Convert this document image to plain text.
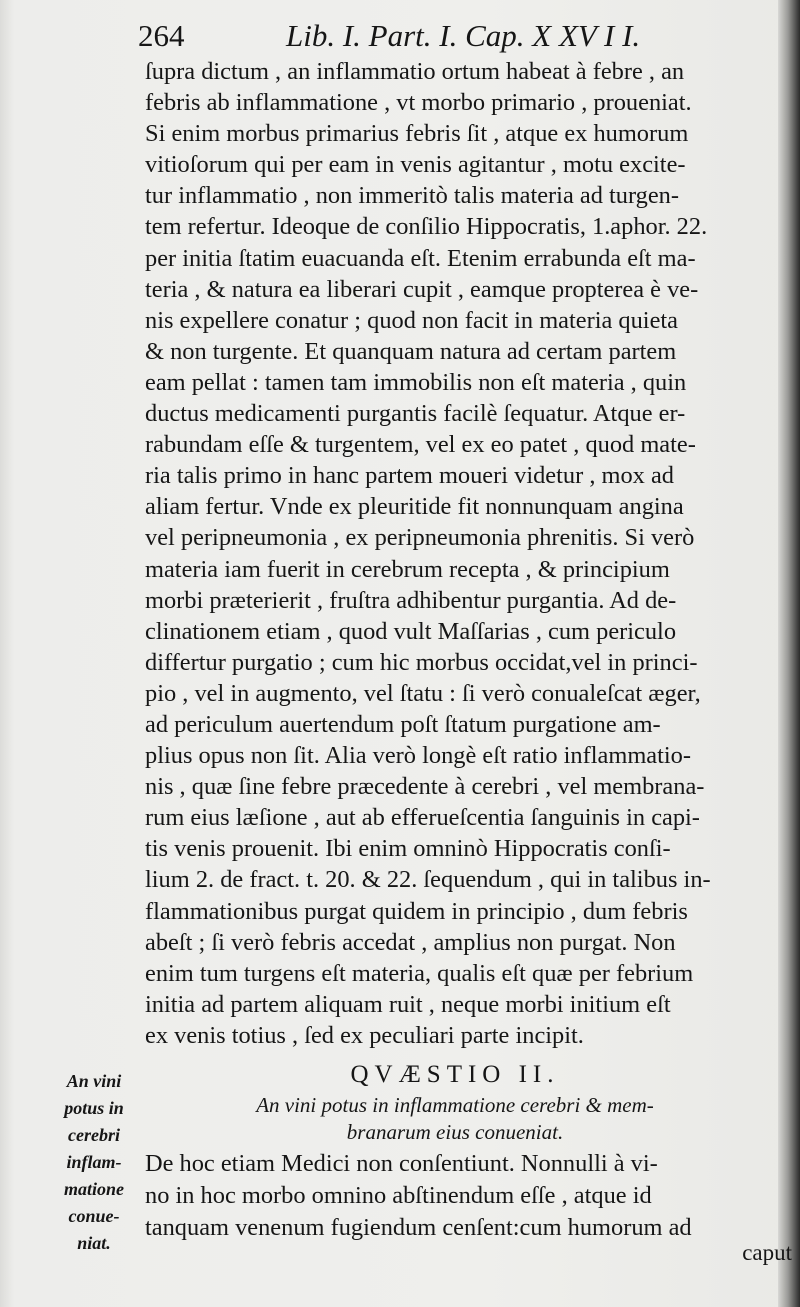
264	Lib. I. Part. I. Cap. X XV I I.
ſupra dictum , an inflammatio ortum habeat à febre , an
febris ab inflammatione , vt morbo primario , proueniat.
Si enim morbus primarius febris ſit , atque ex humorum
vitioſorum qui per eam in venis agitantur , motu excite-
tur inflammatio , non immeritò talis materia ad turgen-
tem refertur. Ideoque de conſilio Hippocratis, 1.aphor. 22.
per initia ſtatim euacuanda eſt. Etenim errabunda eſt ma-
teria , & natura ea liberari cupit , eamque propterea è ve-
nis expellere conatur ; quod non facit in materia quieta
& non turgente. Et quanquam natura ad certam partem
eam pellat : tamen tam immobilis non eſt materia , quin
ductus medicamenti purgantis facilè ſequatur. Atque er-
rabundam eſſe & turgentem, vel ex eo patet , quod mate-
ria talis primo in hanc partem moueri videtur , mox ad
aliam fertur. Vnde ex pleuritide fit nonnunquam angina
vel peripneumonia , ex peripneumonia phrenitis. Si verò
materia iam fuerit in cerebrum recepta , & principium
morbi præterierit , fruſtra adhibentur purgantia. Ad de-
clinationem etiam , quod vult Maſſarias , cum periculo
differtur purgatio ; cum hic morbus occidat,vel in princi-
pio , vel in augmento, vel ſtatu : ſi verò conualeſcat æger,
ad periculum auertendum poſt ſtatum purgatione am-
plius opus non ſit. Alia verò longè eſt ratio inflammatio-
nis , quæ ſine febre præcedente à cerebri , vel membrana-
rum eius læſione , aut ab efferueſcentia ſanguinis in capi-
tis venis prouenit. Ibi enim omninò Hippocratis conſi-
lium 2. de fract. t. 20. & 22. ſequendum , qui in talibus in-
flammationibus purgat quidem in principio , dum febris
abeſt ; ſi verò febris accedat , amplius non purgat. Non
enim tum turgens eſt materia, qualis eſt quæ per febrium
initia ad partem aliquam ruit , neque morbi initium eſt
ex venis totius , ſed ex peculiari parte incipit.
QVÆSTIO II.
An vini potus in inflammatione cerebri & mem-
branarum eius conueniat.
De hoc etiam Medici non conſentiunt. Nonnulli à vi-
no in hoc morbo omnino abſtinendum eſſe , atque id
tanquam venenum fugiendum cenſent:cum humorum ad
caput
An vini
potus in
cerebri
inflam-
matione
conue-
niat.
